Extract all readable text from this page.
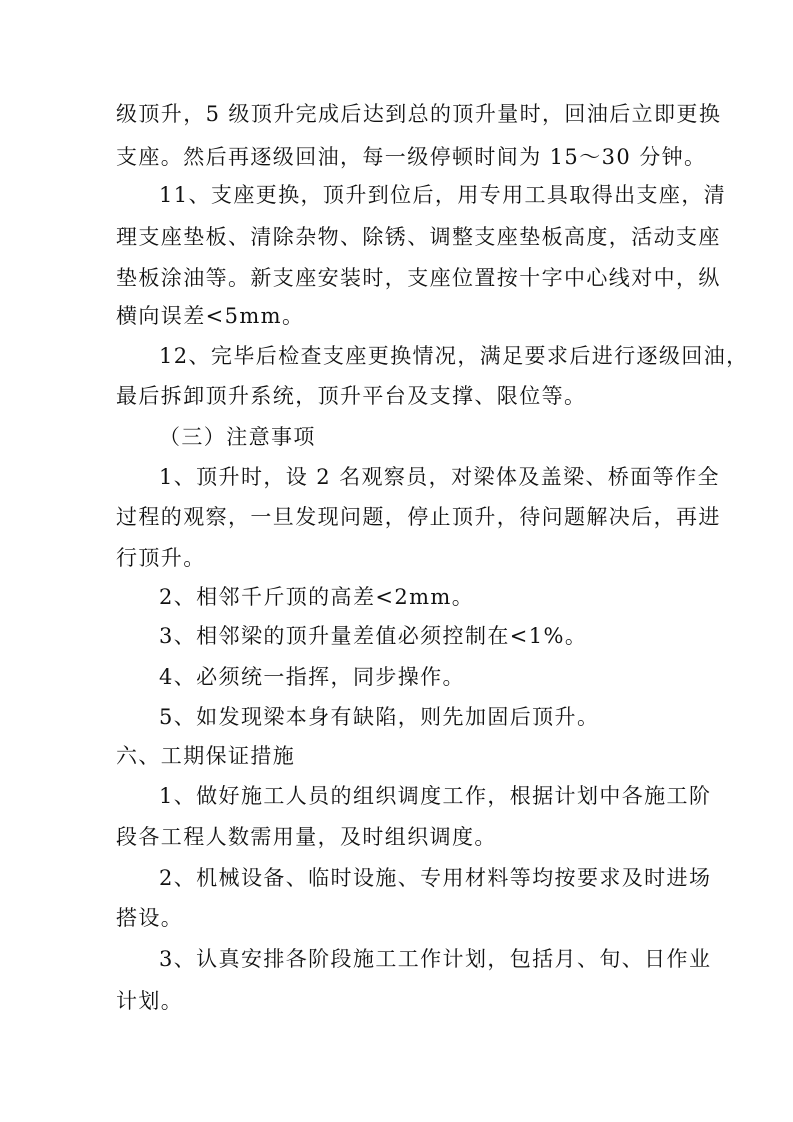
级顶升，5 级顶升完成后达到总的顶升量时，回油后立即更换
支座。然后再逐级回油，每一级停顿时间为 15～30 分钟。
11、支座更换，顶升到位后，用专用工具取得出支座，清
理支座垫板、清除杂物、除锈、调整支座垫板高度，活动支座
垫板涂油等。新支座安装时，支座位置按十字中心线对中，纵
横向误差<5mm。
12、完毕后检查支座更换情况，满足要求后进行逐级回油，
最后拆卸顶升系统，顶升平台及支撑、限位等。
（三）注意事项
1、顶升时，设 2 名观察员，对梁体及盖梁、桥面等作全
过程的观察，一旦发现问题，停止顶升，待问题解决后，再进
行顶升。
2、相邻千斤顶的高差<2mm。
3、相邻梁的顶升量差值必须控制在<1%。
4、必须统一指挥，同步操作。
5、如发现梁本身有缺陷，则先加固后顶升。
六、工期保证措施
1、做好施工人员的组织调度工作，根据计划中各施工阶
段各工程人数需用量，及时组织调度。
2、机械设备、临时设施、专用材料等均按要求及时进场
搭设。
3、认真安排各阶段施工工作计划，包括月、旬、日作业
计划。
